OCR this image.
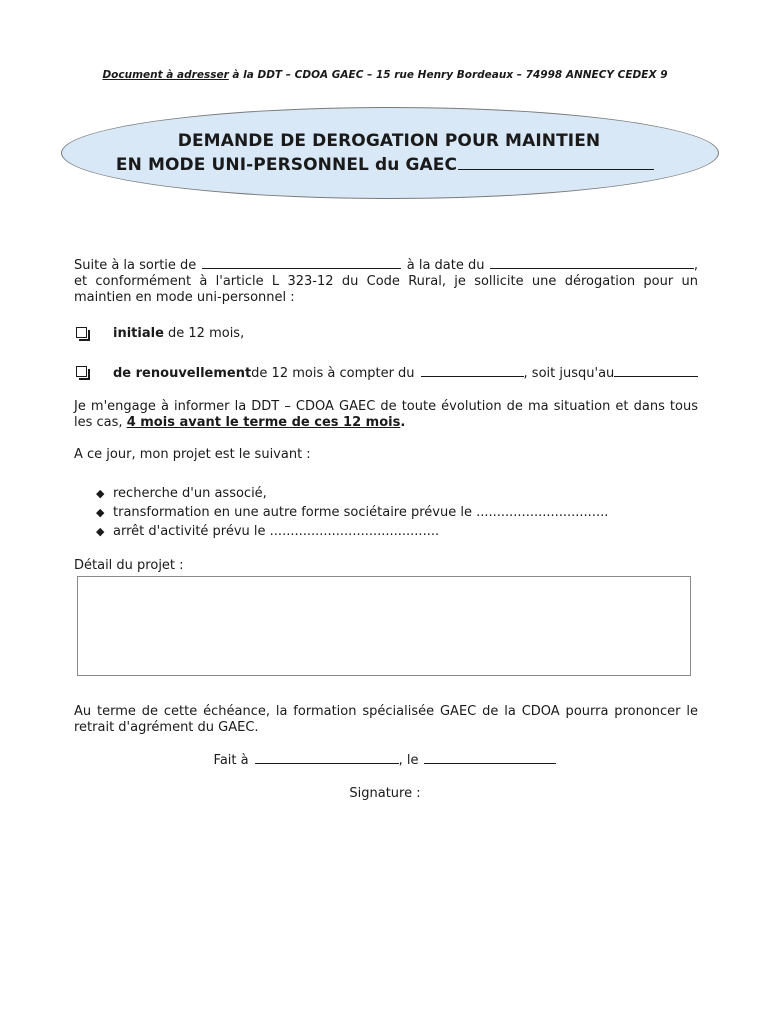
Document à adresser à la DDT – CDOA GAEC – 15 rue Henry Bordeaux – 74998 ANNECY CEDEX 9
DEMANDE DE DEROGATION POUR MAINTIEN
EN MODE UNI-PERSONNEL du GAEC
Suite à la sortie de	à la date du	,
et conformément à l'article L 323-12 du Code Rural, je sollicite une dérogation pour un maintien en mode uni-personnel :
initiale de 12 mois,
de renouvellement de 12 mois à compter du	, soit jusqu'au
Je m'engage à informer la DDT – CDOA GAEC de toute évolution de ma situation et dans tous les cas, 4 mois avant le terme de ces 12 mois.
A ce jour, mon projet est le suivant :
◆ recherche d'un associé,
◆ transformation en une autre forme sociétaire prévue le ................................
◆ arrêt d'activité prévu le .........................................
Détail du projet :
Au terme de cette échéance, la formation spécialisée GAEC de la CDOA pourra prononcer le retrait d'agrément du GAEC.
Fait à	, le
Signature :
